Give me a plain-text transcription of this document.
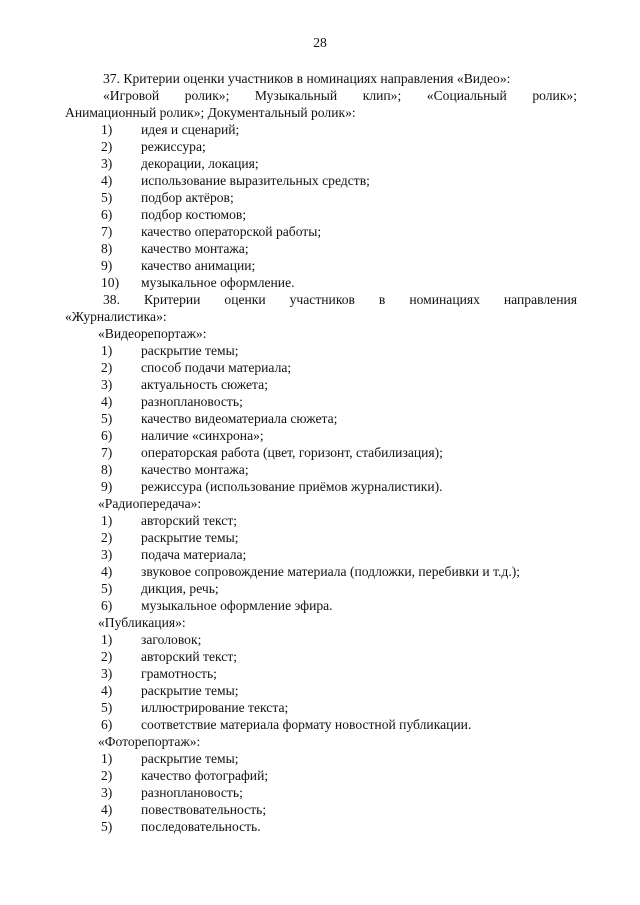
28

37. Критерии оценки участников в номинациях направления «Видео»:

«Игровой ролик»; Музыкальный клип»; «Социальный ролик»;

Анимационный ролик»; Документальный ролик»:

1)	идея и сценарий;
2)	режиссура;
3)	декорации, локация;
4)	использование выразительных средств;
5)	подбор актёров;
6)	подбор костюмов;
7)	качество операторской работы;
8)	качество монтажа;
9)	качество анимации;
10)	музыкальное оформление.

38. Критерии оценки участников в номинациях направления

«Журналистика»:

«Видеорепортаж»:

1)	раскрытие темы;
2)	способ подачи материала;
3)	актуальность сюжета;
4)	разноплановость;
5)	качество видеоматериала сюжета;
6)	наличие «синхрона»;
7)	операторская работа (цвет, горизонт, стабилизация);
8)	качество монтажа;
9)	режиссура (использование приёмов журналистики).

«Радиопередача»:

1)	авторский текст;
2)	раскрытие темы;
3)	подача материала;
4)	звуковое сопровождение материала (подложки, перебивки и т.д.);
5)	дикция, речь;
6)	музыкальное оформление эфира.

«Публикация»:

1)	заголовок;
2)	авторский текст;
3)	грамотность;
4)	раскрытие темы;
5)	иллюстрирование текста;
6)	соответствие материала формату новостной публикации.

«Фоторепортаж»:

1)	раскрытие темы;
2)	качество фотографий;
3)	разноплановость;
4)	повествовательность;
5)	последовательность.
